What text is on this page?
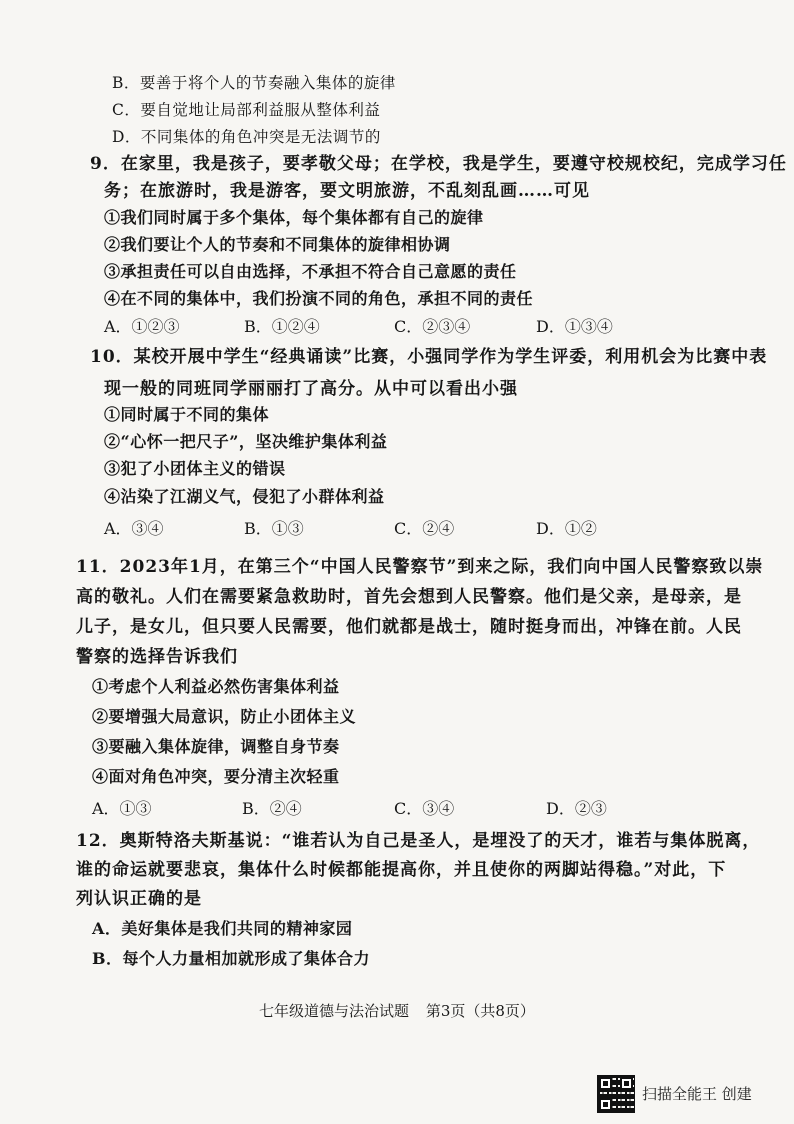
B．要善于将个人的节奏融入集体的旋律
C．要自觉地让局部利益服从整体利益
D．不同集体的角色冲突是无法调节的
9．在家里，我是孩子，要孝敬父母；在学校，我是学生，要遵守校规校纪，完成学习任
务；在旅游时，我是游客，要文明旅游，不乱刻乱画……可见
①我们同时属于多个集体，每个集体都有自己的旋律
②我们要让个人的节奏和不同集体的旋律相协调
③承担责任可以自由选择，不承担不符合自己意愿的责任
④在不同的集体中，我们扮演不同的角色，承担不同的责任
A．①②③	B．①②④	C．②③④	D．①③④
10．某校开展中学生“经典诵读”比赛，小强同学作为学生评委，利用机会为比赛中表
现一般的同班同学丽丽打了高分。从中可以看出小强
①同时属于不同的集体
②“心怀一把尺子”，坚决维护集体利益
③犯了小团体主义的错误
④沾染了江湖义气，侵犯了小群体利益
A．③④	B．①③	C．②④	D．①②
11．2023年1月，在第三个“中国人民警察节”到来之际，我们向中国人民警察致以崇
高的敬礼。人们在需要紧急救助时，首先会想到人民警察。他们是父亲，是母亲，是
儿子，是女儿，但只要人民需要，他们就都是战士，随时挺身而出，冲锋在前。人民
警察的选择告诉我们
①考虑个人利益必然伤害集体利益
②要增强大局意识，防止小团体主义
③要融入集体旋律，调整自身节奏
④面对角色冲突，要分清主次轻重
A．①③	B．②④	C．③④	D．②③
12．奥斯特洛夫斯基说：“谁若认为自己是圣人，是埋没了的天才，谁若与集体脱离，
谁的命运就要悲哀，集体什么时候都能提高你，并且使你的两脚站得稳。”对此，下
列认识正确的是
A．美好集体是我们共同的精神家园
B．每个人力量相加就形成了集体合力
七年级道德与法治试题 第3页（共8页）
扫描全能王 创建
